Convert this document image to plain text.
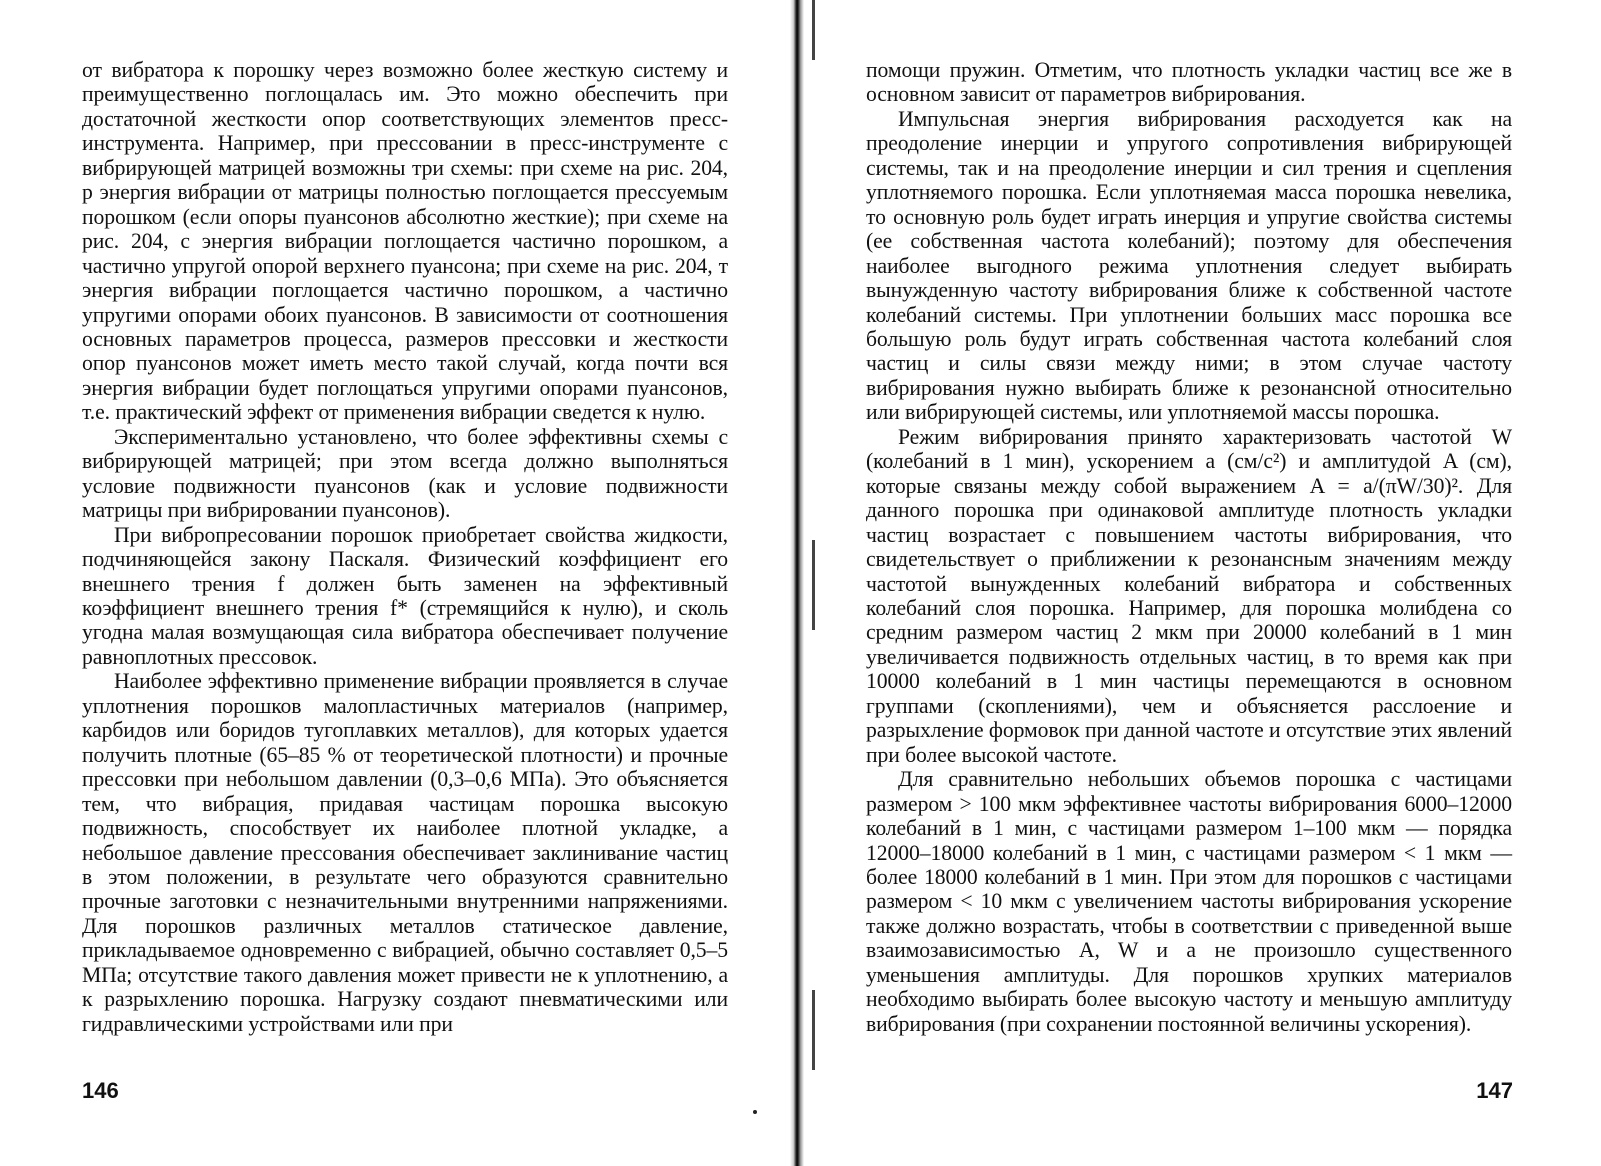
от вибратора к порошку через возможно более жесткую систему и преимущественно поглощалась им. Это можно обеспечить при достаточной жесткости опор соответствующих элементов пресс-инструмента. Например, при прессовании в пресс-инструменте с вибрирующей матрицей возможны три схемы: при схеме на рис. 204, р энергия вибрации от матрицы полностью поглощается прессуемым порошком (если опоры пуансонов абсолютно жесткие); при схеме на рис. 204, с энергия вибрации поглощается частично порошком, а частично упругой опорой верхнего пуансона; при схеме на рис. 204, т энергия вибрации поглощается частично порошком, а частично упругими опорами обоих пуансонов. В зависимости от соотношения основных параметров процесса, размеров прессовки и жесткости опор пуансонов может иметь место такой случай, когда почти вся энергия вибрации будет поглощаться упругими опорами пуансонов, т.е. практический эффект от применения вибрации сведется к нулю.

Экспериментально установлено, что более эффективны схемы с вибрирующей матрицей; при этом всегда должно выполняться условие подвижности пуансонов (как и условие подвижности матрицы при вибрировании пуансонов).

При вибропресовании порошок приобретает свойства жидкости, подчиняющейся закону Паскаля. Физический коэффициент его внешнего трения f должен быть заменен на эффективный коэффициент внешнего трения f* (стремящийся к нулю), и сколь угодна малая возмущающая сила вибратора обеспечивает получение равноплотных прессовок.

Наиболее эффективно применение вибрации проявляется в случае уплотнения порошков малопластичных материалов (например, карбидов или боридов тугоплавких металлов), для которых удается получить плотные (65–85 % от теоретической плотности) и прочные прессовки при небольшом давлении (0,3–0,6 МПа). Это объясняется тем, что вибрация, придавая частицам порошка высокую подвижность, способствует их наиболее плотной укладке, а небольшое давление прессования обеспечивает заклинивание частиц в этом положении, в результате чего образуются сравнительно прочные заготовки с незначительными внутренними напряжениями. Для порошков различных металлов статическое давление, прикладываемое одновременно с вибрацией, обычно составляет 0,5–5 МПа; отсутствие такого давления может привести не к уплотнению, а к разрыхлению порошка. Нагрузку создают пневматическими или гидравлическими устройствами или при

146

помощи пружин. Отметим, что плотность укладки частиц все же в основном зависит от параметров вибрирования.

Импульсная энергия вибрирования расходуется как на преодоление инерции и упругого сопротивления вибрирующей системы, так и на преодоление инерции и сил трения и сцепления уплотняемого порошка. Если уплотняемая масса порошка невелика, то основную роль будет играть инерция и упругие свойства системы (ее собственная частота колебаний); поэтому для обеспечения наиболее выгодного режима уплотнения следует выбирать вынужденную частоту вибрирования ближе к собственной частоте колебаний системы. При уплотнении больших масс порошка все большую роль будут играть собственная частота колебаний слоя частиц и силы связи между ними; в этом случае частоту вибрирования нужно выбирать ближе к резонансной относительно или вибрирующей системы, или уплотняемой массы порошка.

Режим вибрирования принято характеризовать частотой W (колебаний в 1 мин), ускорением a (см/с²) и амплитудой A (см), которые связаны между собой выражением A = a/(πW/30)². Для данного порошка при одинаковой амплитуде плотность укладки частиц возрастает с повышением частоты вибрирования, что свидетельствует о приближении к резонансным значениям между частотой вынужденных колебаний вибратора и собственных колебаний слоя порошка. Например, для порошка молибдена со средним размером частиц 2 мкм при 20000 колебаний в 1 мин увеличивается подвижность отдельных частиц, в то время как при 10000 колебаний в 1 мин частицы перемещаются в основном группами (скоплениями), чем и объясняется расслоение и разрыхление формовок при данной частоте и отсутствие этих явлений при более высокой частоте.

Для сравнительно небольших объемов порошка с частицами размером > 100 мкм эффективнее частоты вибрирования 6000–12000 колебаний в 1 мин, с частицами размером 1–100 мкм — порядка 12000–18000 колебаний в 1 мин, с частицами размером < 1 мкм — более 18000 колебаний в 1 мин. При этом для порошков с частицами размером < 10 мкм с увеличением частоты вибрирования ускорение также должно возрастать, чтобы в соответствии с приведенной выше взаимозависимостью A, W и a не произошло существенного уменьшения амплитуды. Для порошков хрупких материалов необходимо выбирать более высокую частоту и меньшую амплитуду вибрирования (при сохранении постоянной величины ускорения).

147
